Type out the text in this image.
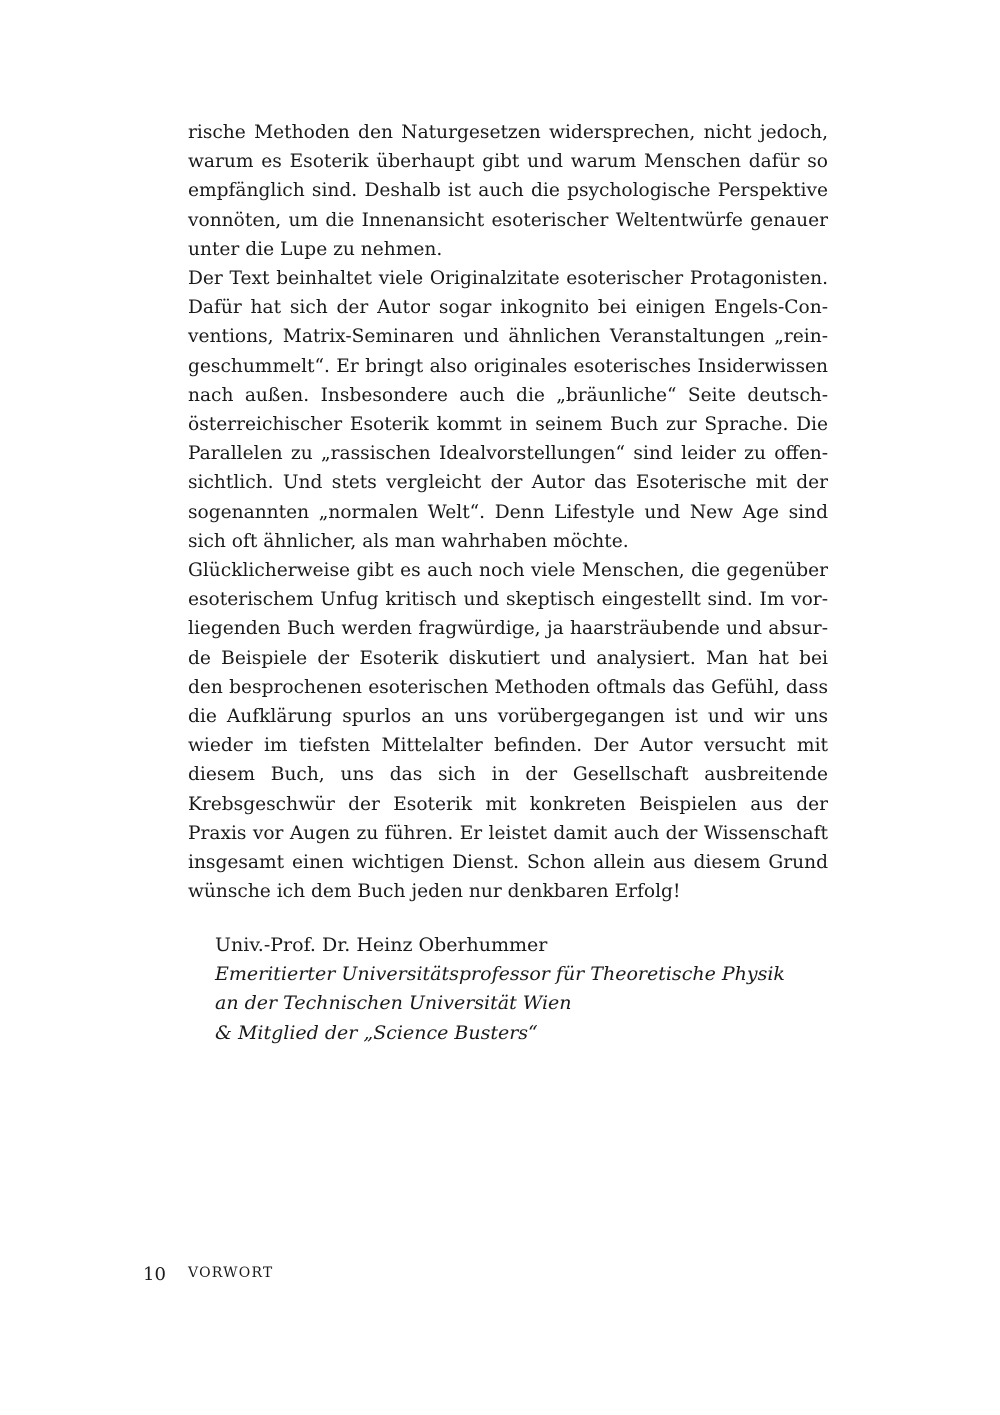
rische Methoden den Naturgesetzen widersprechen, nicht jedoch, warum es Esoterik überhaupt gibt und warum Menschen dafür so empfänglich sind. Deshalb ist auch die psychologische Perspektive vonnöten, um die Innenansicht esoterischer Weltentwürfe genauer unter die Lupe zu nehmen.

Der Text beinhaltet viele Originalzitate esoterischer Protagonisten. Dafür hat sich der Autor sogar inkognito bei einigen Engels-Conventions, Matrix-Seminaren und ähnlichen Veranstaltungen „reingeschummelt“. Er bringt also originales esoterisches Insiderwissen nach außen. Insbesondere auch die „bräunliche“ Seite deutsch-österreichischer Esoterik kommt in seinem Buch zur Sprache. Die Parallelen zu „rassischen Idealvorstellungen“ sind leider zu offensichtlich. Und stets vergleicht der Autor das Esoterische mit der sogenannten „normalen Welt“. Denn Lifestyle und New Age sind sich oft ähnlicher, als man wahrhaben möchte.

Glücklicherweise gibt es auch noch viele Menschen, die gegenüber esoterischem Unfug kritisch und skeptisch eingestellt sind. Im vorliegenden Buch werden fragwürdige, ja haarsträubende und absurde Beispiele der Esoterik diskutiert und analysiert. Man hat bei den besprochenen esoterischen Methoden oftmals das Gefühl, dass die Aufklärung spurlos an uns vorübergegangen ist und wir uns wieder im tiefsten Mittelalter befinden. Der Autor versucht mit diesem Buch, uns das sich in der Gesellschaft ausbreitende Krebsgeschwür der Esoterik mit konkreten Beispielen aus der Praxis vor Augen zu führen. Er leistet damit auch der Wissenschaft insgesamt einen wichtigen Dienst. Schon allein aus diesem Grund wünsche ich dem Buch jeden nur denkbaren Erfolg!

Univ.-Prof. Dr. Heinz Oberhummer
Emeritierter Universitätsprofessor für Theoretische Physik
an der Technischen Universität Wien
& Mitglied der „Science Busters“
10 VORWORT
